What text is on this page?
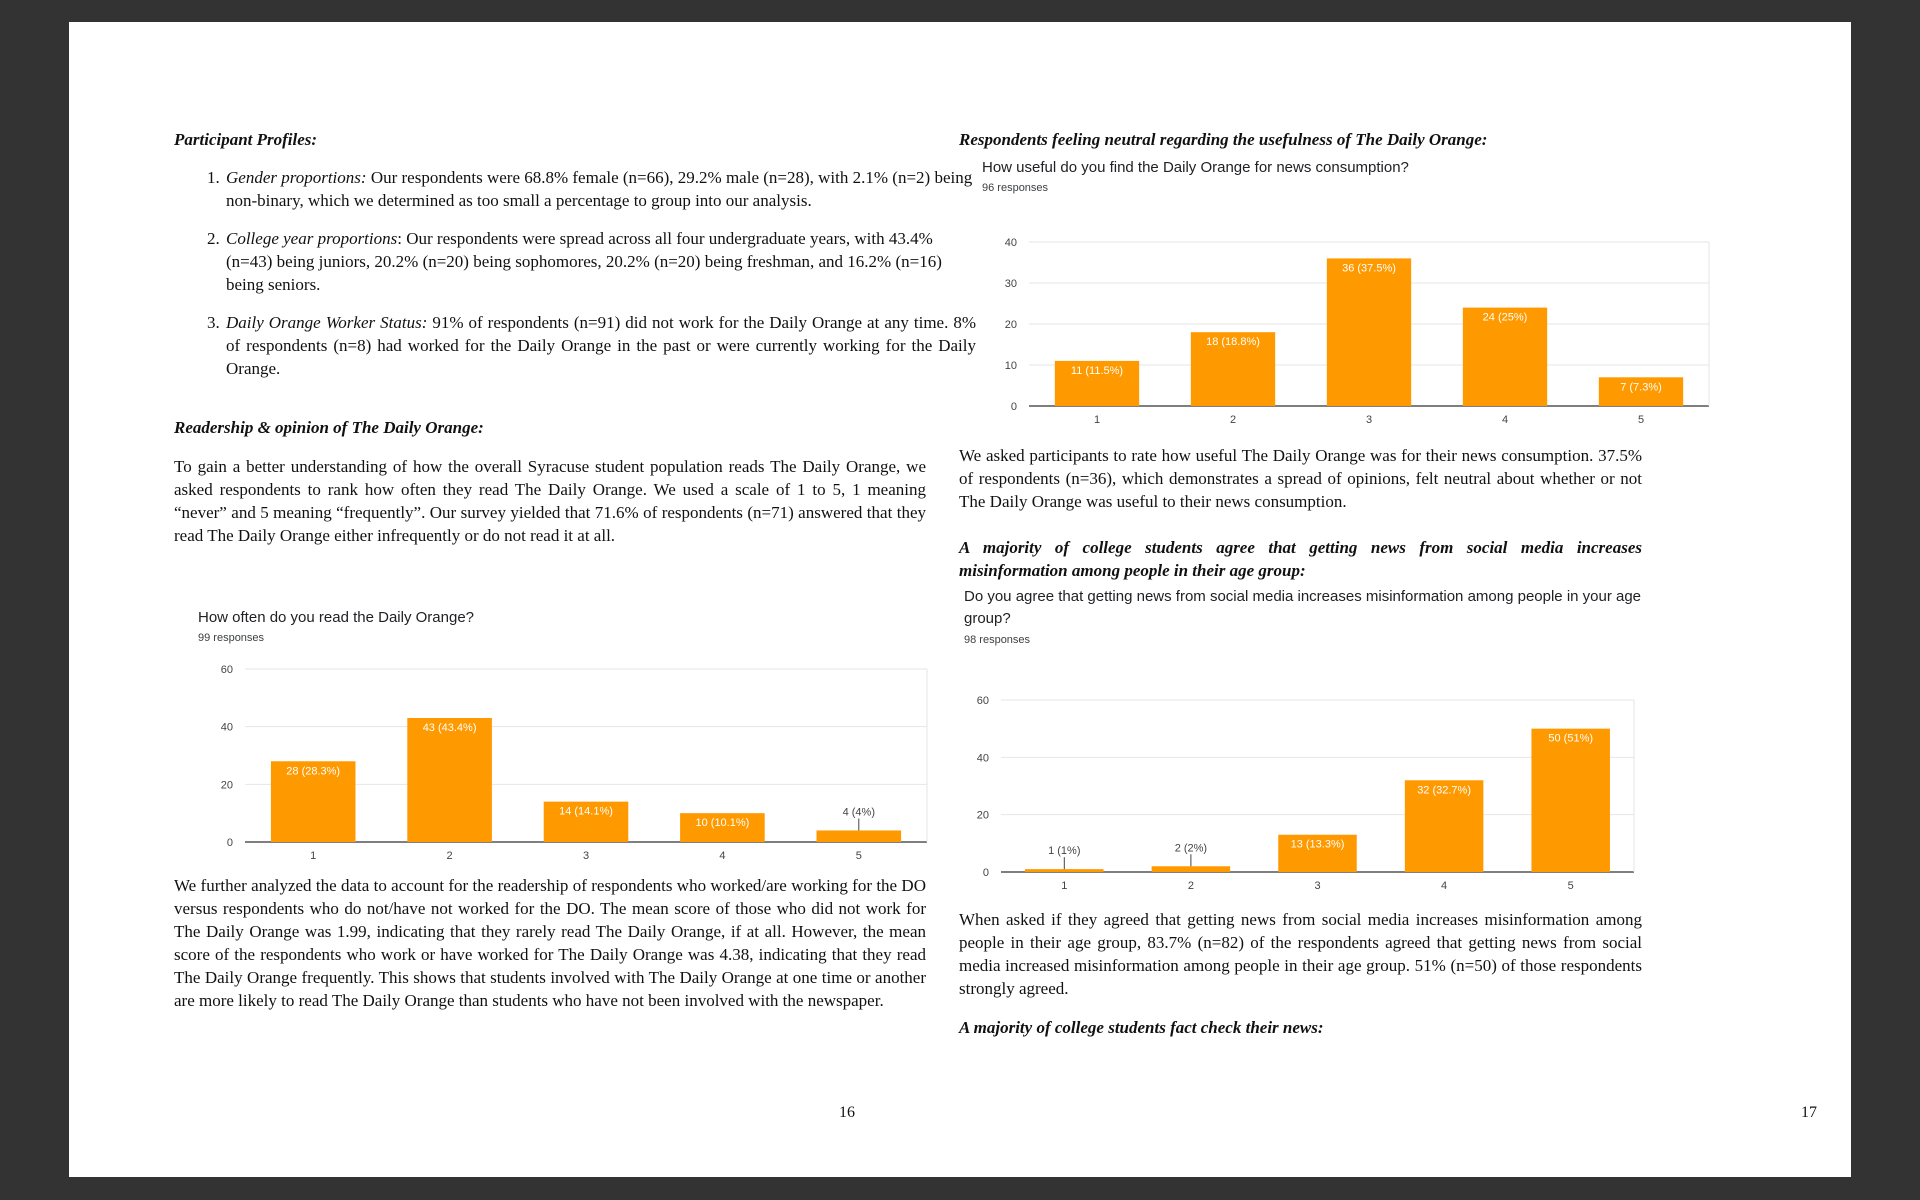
Participant Profiles:
1. Gender proportions: Our respondents were 68.8% female (n=66), 29.2% male (n=28), with 2.1% (n=2) being non-binary, which we determined as too small a percentage to group into our analysis.
2. College year proportions: Our respondents were spread across all four undergraduate years, with 43.4% (n=43) being juniors, 20.2% (n=20) being sophomores, 20.2% (n=20) being freshman, and 16.2% (n=16) being seniors.
3. Daily Orange Worker Status: 91% of respondents (n=91) did not work for the Daily Orange at any time. 8% of respondents (n=8) had worked for the Daily Orange in the past or were currently working for the Daily Orange.
Readership & opinion of The Daily Orange:
To gain a better understanding of how the overall Syracuse student population reads The Daily Orange, we asked respondents to rank how often they read The Daily Orange. We used a scale of 1 to 5, 1 meaning “never” and 5 meaning “frequently”. Our survey yielded that 71.6% of respondents (n=71) answered that they read The Daily Orange either infrequently or do not read it at all.
How often do you read the Daily Orange?
99 responses
0
20
40
60
28 (28.3%)
1
43 (43.4%)
2
14 (14.1%)
3
10 (10.1%)
4
4 (4%)
5
We further analyzed the data to account for the readership of respondents who worked/are working for the DO versus respondents who do not/have not worked for the DO. The mean score of those who did not work for The Daily Orange was 1.99, indicating that they rarely read The Daily Orange, if at all. However, the mean score of the respondents who work or have worked for The Daily Orange was 4.38, indicating that they read The Daily Orange frequently. This shows that students involved with The Daily Orange at one time or another are more likely to read The Daily Orange than students who have not been involved with the newspaper.
16
Respondents feeling neutral regarding the usefulness of The Daily Orange:
How useful do you find the Daily Orange for news consumption?
96 responses
0
10
20
30
40
11 (11.5%)
1
18 (18.8%)
2
36 (37.5%)
3
24 (25%)
4
7 (7.3%)
5
We asked participants to rate how useful The Daily Orange was for their news consumption. 37.5% of respondents (n=36), which demonstrates a spread of opinions, felt neutral about whether or not The Daily Orange was useful to their news consumption.
A majority of college students agree that getting news from social media increases misinformation among people in their age group:
Do you agree that getting news from social media increases misinformation among people in your age group?
98 responses
0
20
40
60
1 (1%)
1
2 (2%)
2
13 (13.3%)
3
32 (32.7%)
4
50 (51%)
5
When asked if they agreed that getting news from social media increases misinformation among people in their age group, 83.7% (n=82) of the respondents agreed that getting news from social media increased misinformation among people in their age group. 51% (n=50) of those respondents strongly agreed.
A majority of college students fact check their news:
17
